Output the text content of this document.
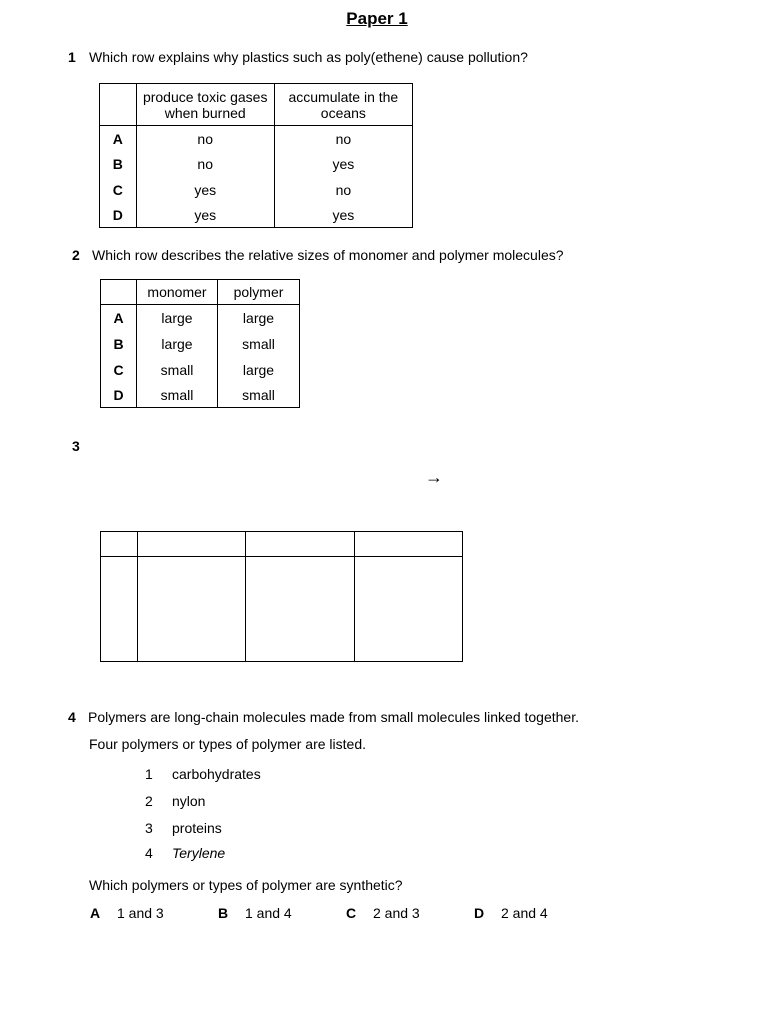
Paper 1
1 Which row explains why plastics such as poly(ethene) cause pollution?
	produce toxic gases when burned	accumulate in the oceans
A	no	no
B	no	yes
C	yes	no
D	yes	yes
2 Which row describes the relative sizes of monomer and polymer molecules?
	monomer	polymer
A	large	large
B	large	small
C	small	large
D	small	small
3
→

4 Polymers are long-chain molecules made from small molecules linked together.
Four polymers or types of polymer are listed.
1 carbohydrates
2 nylon
3 proteins
4 Terylene
Which polymers or types of polymer are synthetic?
A 1 and 3	B 1 and 4	C 2 and 3	D 2 and 4
